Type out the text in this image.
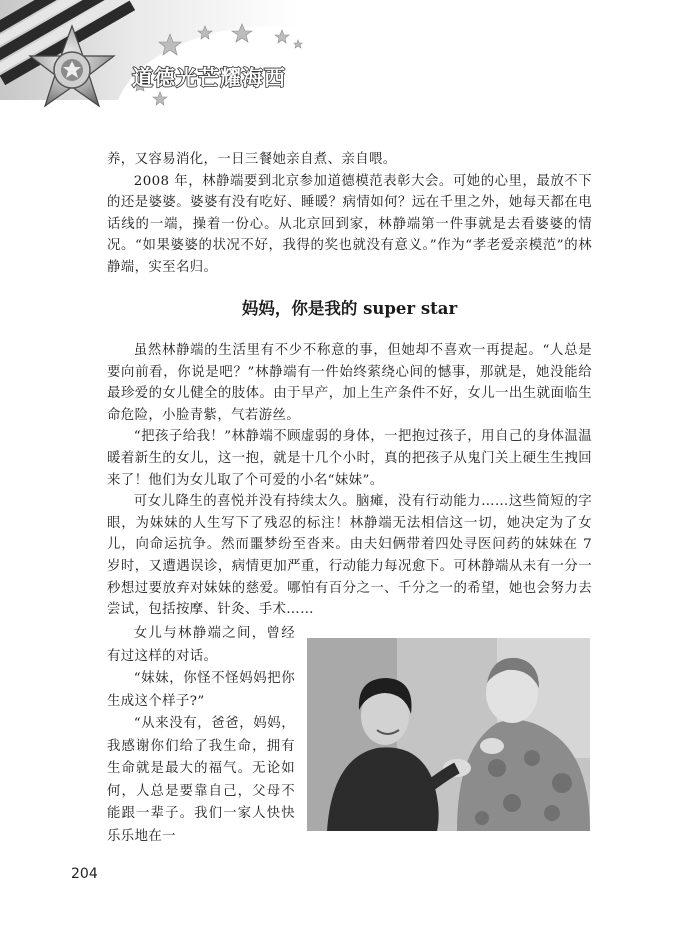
道德光芒耀海西

养，又容易消化，一日三餐她亲自煮、亲自喂。

2008 年，林静端要到北京参加道德模范表彰大会。可她的心里，最放不下的还是婆婆。婆婆有没有吃好、睡暖？病情如何？远在千里之外，她每天都在电话线的一端，操着一份心。从北京回到家，林静端第一件事就是去看婆婆的情况。“如果婆婆的状况不好，我得的奖也就没有意义。”作为“孝老爱亲模范”的林静端，实至名归。

妈妈，你是我的 super star

虽然林静端的生活里有不少不称意的事，但她却不喜欢一再提起。“人总是要向前看，你说是吧？”林静端有一件始终萦绕心间的憾事，那就是，她没能给最珍爱的女儿健全的肢体。由于早产，加上生产条件不好，女儿一出生就面临生命危险，小脸青紫，气若游丝。

“把孩子给我！”林静端不顾虚弱的身体，一把抱过孩子，用自己的身体温温暖着新生的女儿，这一抱，就是十几个小时，真的把孩子从鬼门关上硬生生拽回来了！他们为女儿取了个可爱的小名“妹妹”。

可女儿降生的喜悦并没有持续太久。脑瘫，没有行动能力……这些简短的字眼，为妹妹的人生写下了残忍的标注！林静端无法相信这一切，她决定为了女儿，向命运抗争。然而噩梦纷至沓来。由夫妇俩带着四处寻医问药的妹妹在 7 岁时，又遭遇误诊，病情更加严重，行动能力每况愈下。可林静端从未有一分一秒想过要放弃对妹妹的慈爱。哪怕有百分之一、千分之一的希望，她也会努力去尝试，包括按摩、针灸、手术……

女儿与林静端之间，曾经有过这样的对话。

“妹妹，你怪不怪妈妈把你生成这个样子?”

“从来没有，爸爸，妈妈，我感谢你们给了我生命，拥有生命就是最大的福气。无论如何，人总是要靠自己，父母不能跟一辈子。我们一家人快快乐乐地在一

204
